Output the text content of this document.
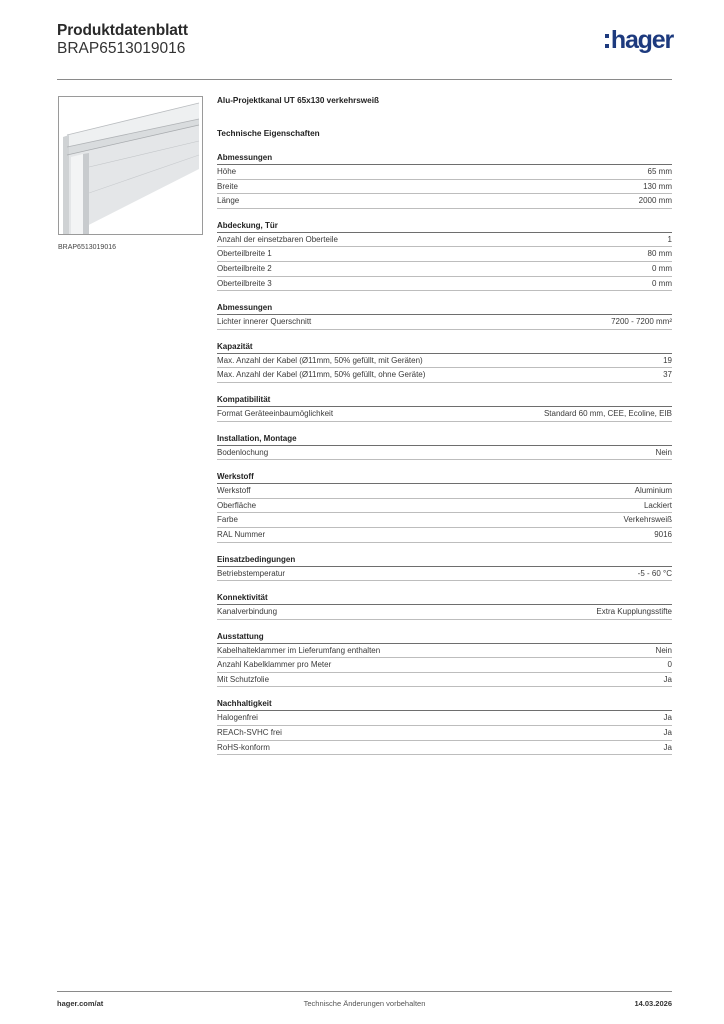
Produktdatenblatt
BRAP6513019016	hager
BRAP6513019016
Alu-Projektkanal UT 65x130 verkehrsweiß
Technische Eigenschaften
Abmessungen
Höhe	65 mm
Breite	130 mm
Länge	2000 mm
Abdeckung, Tür
Anzahl der einsetzbaren Oberteile	1
Oberteilbreite 1	80 mm
Oberteilbreite 2	0 mm
Oberteilbreite 3	0 mm
Abmessungen
Lichter innerer Querschnitt	7200 - 7200 mm²
Kapazität
Max. Anzahl der Kabel (Ø11mm, 50% gefüllt, mit Geräten)	19
Max. Anzahl der Kabel (Ø11mm, 50% gefüllt, ohne Geräte)	37
Kompatibilität
Format Geräteeinbaumöglichkeit	Standard 60 mm, CEE, Ecoline, EIB
Installation, Montage
Bodenlochung	Nein
Werkstoff
Werkstoff	Aluminium
Oberfläche	Lackiert
Farbe	Verkehrsweiß
RAL Nummer	9016
Einsatzbedingungen
Betriebstemperatur	-5 - 60 °C
Konnektivität
Kanalverbindung	Extra Kupplungsstifte
Ausstattung
Kabelhalteklammer im Lieferumfang enthalten	Nein
Anzahl Kabelklammer pro Meter	0
Mit Schutzfolie	Ja
Nachhaltigkeit
Halogenfrei	Ja
REACh-SVHC frei	Ja
RoHS-konform	Ja
hager.com/at	Technische Änderungen vorbehalten	14.03.2026
